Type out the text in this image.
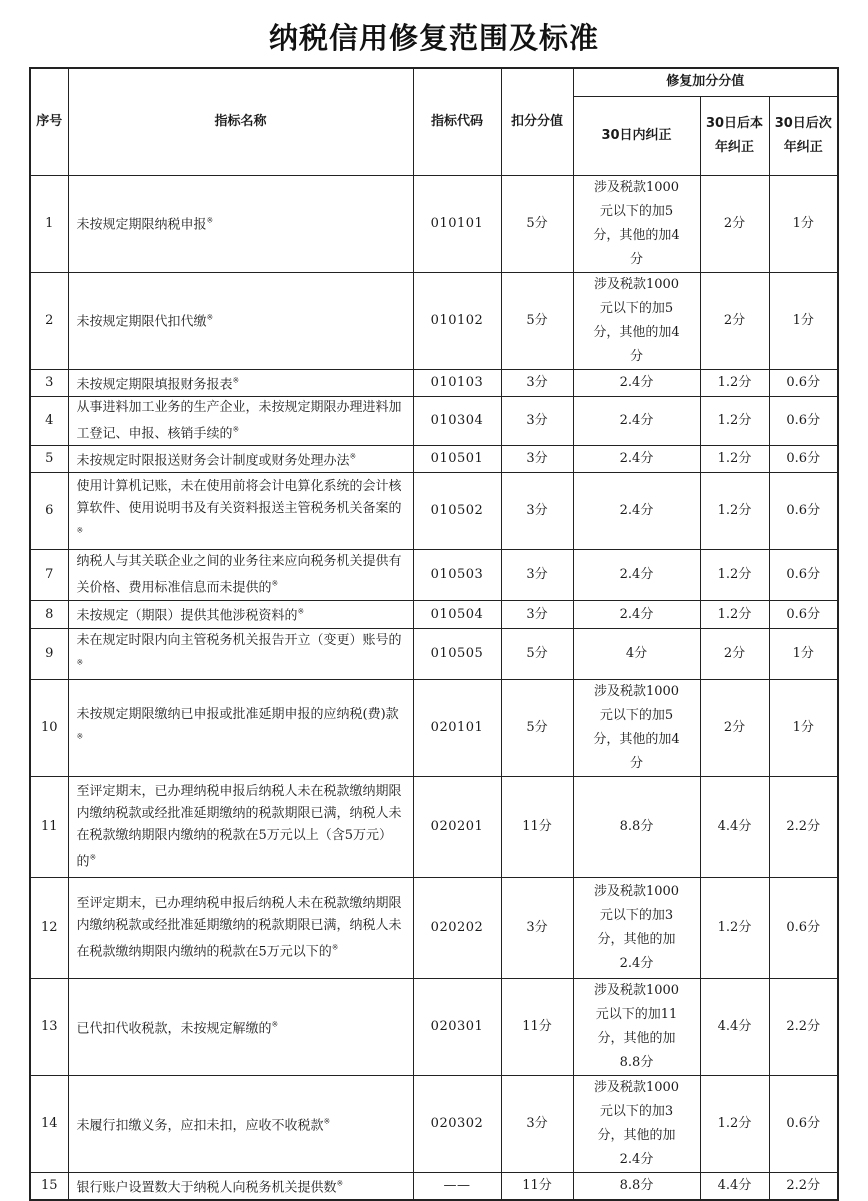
纳税信用修复范围及标准
序号	指标名称	指标代码	扣分分值	修复加分分值		
				30日内纠正	30日后本年纠正	30日后次年纠正
1	未按规定期限纳税申报※	010101	5分	涉及税款1000元以下的加5分，其他的加4分	2分	1分
2	未按规定期限代扣代缴※	010102	5分	涉及税款1000元以下的加5分，其他的加4分	2分	1分
3	未按规定期限填报财务报表※	010103	3分	2.4分	1.2分	0.6分
4	从事进料加工业务的生产企业，未按规定期限办理进料加工登记、申报、核销手续的※	010304	3分	2.4分	1.2分	0.6分
5	未按规定时限报送财务会计制度或财务处理办法※	010501	3分	2.4分	1.2分	0.6分
6	使用计算机记账，未在使用前将会计电算化系统的会计核算软件、使用说明书及有关资料报送主管税务机关备案的※	010502	3分	2.4分	1.2分	0.6分
7	纳税人与其关联企业之间的业务往来应向税务机关提供有关价格、费用标准信息而未提供的※	010503	3分	2.4分	1.2分	0.6分
8	未按规定（期限）提供其他涉税资料的※	010504	3分	2.4分	1.2分	0.6分
9	未在规定时限内向主管税务机关报告开立（变更）账号的※	010505	5分	4分	2分	1分
10	未按规定期限缴纳已申报或批准延期申报的应纳税(费)款※	020101	5分	涉及税款1000元以下的加5分，其他的加4分	2分	1分
11	至评定期末，已办理纳税申报后纳税人未在税款缴纳期限内缴纳税款或经批准延期缴纳的税款期限已满，纳税人未在税款缴纳期限内缴纳的税款在5万元以上（含5万元）的※	020201	11分	8.8分	4.4分	2.2分
12	至评定期末，已办理纳税申报后纳税人未在税款缴纳期限内缴纳税款或经批准延期缴纳的税款期限已满，纳税人未在税款缴纳期限内缴纳的税款在5万元以下的※	020202	3分	涉及税款1000元以下的加3分，其他的加2.4分	1.2分	0.6分
13	已代扣代收税款，未按规定解缴的※	020301	11分	涉及税款1000元以下的加11分，其他的加8.8分	4.4分	2.2分
14	未履行扣缴义务，应扣未扣，应收不收税款※	020302	3分	涉及税款1000元以下的加3分，其他的加2.4分	1.2分	0.6分
15	银行账户设置数大于纳税人向税务机关提供数※	——	11分	8.8分	4.4分	2.2分
